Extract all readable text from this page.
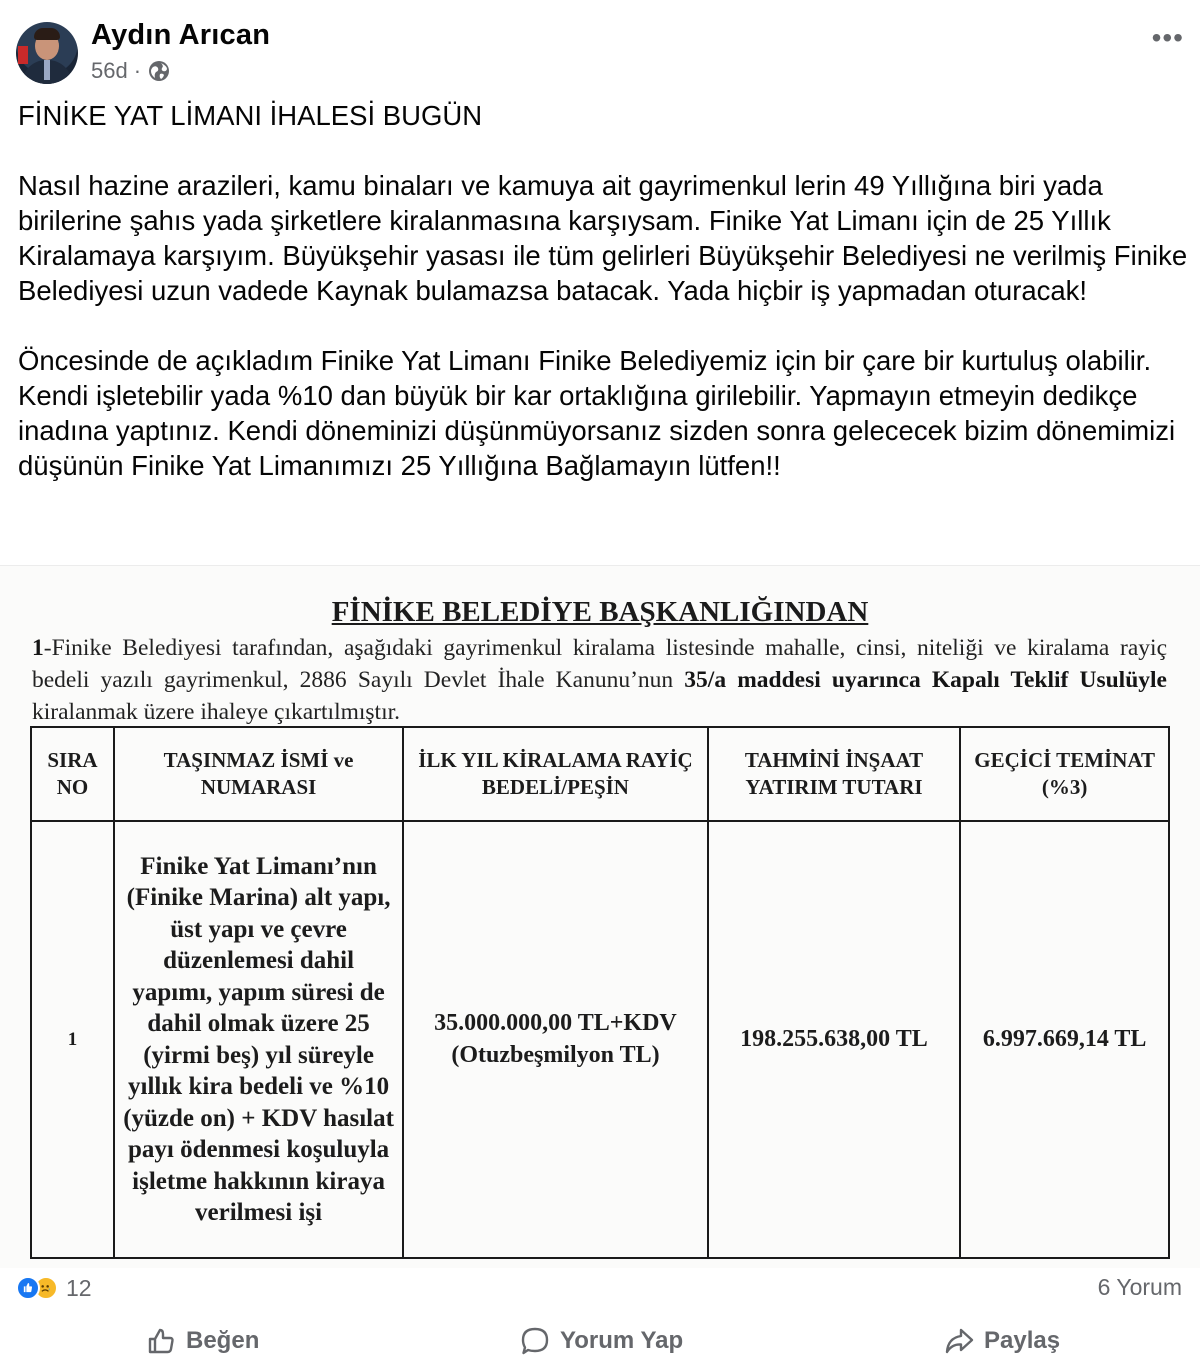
Aydın Arıcan
56d ·
•••

FİNİKE YAT LİMANI İHALESİ BUGÜN

Nasıl hazine arazileri, kamu binaları ve kamuya ait gayrimenkul lerin 49 Yıllığına biri yada birilerine şahıs yada şirketlere kiralanmasına karşıysam. Finike Yat Limanı için de 25 Yıllık Kiralamaya karşıyım. Büyükşehir yasası ile tüm gelirleri Büyükşehir Belediyesi ne verilmiş Finike Belediyesi uzun vadede Kaynak bulamazsa batacak. Yada hiçbir iş yapmadan oturacak!

Öncesinde de açıkladım Finike Yat Limanı Finike Belediyemiz için bir çare bir kurtuluş olabilir. Kendi işletebilir yada %10 dan büyük bir kar ortaklığına girilebilir. Yapmayın etmeyin dedikçe inadına yaptınız. Kendi döneminizi düşünmüyorsanız sizden sonra gelececek bizim dönemimizi düşünün Finike Yat Limanımızı 25 Yıllığına Bağlamayın lütfen!!

FİNİKE BELEDİYE BAŞKANLIĞINDAN
1-Finike Belediyesi tarafından, aşağıdaki gayrimenkul kiralama listesinde mahalle, cinsi, niteliği ve kiralama rayiç bedeli yazılı gayrimenkul, 2886 Sayılı Devlet İhale Kanunu’nun 35/a maddesi uyarınca Kapalı Teklif Usulüyle kiralanmak üzere ihaleye çıkartılmıştır.
SIRA NO	TAŞINMAZ İSMİ ve NUMARASI	İLK YIL KİRALAMA RAYİÇ BEDELİ/PEŞİN	TAHMİNİ İNŞAAT YATIRIM TUTARI	GEÇİCİ TEMİNAT (%3)
1	Finike Yat Limanı’nın (Finike Marina) alt yapı, üst yapı ve çevre düzenlemesi dahil yapımı, yapım süresi de dahil olmak üzere 25 (yirmi beş) yıl süreyle yıllık kira bedeli ve %10 (yüzde on) + KDV hasılat payı ödenmesi koşuluyla işletme hakkının kiraya verilmesi işi	35.000.000,00 TL+KDV (Otuzbeşmilyon TL)	198.255.638,00 TL	6.997.669,14 TL
12	6 Yorum
Beğen	Yorum Yap	Paylaş
